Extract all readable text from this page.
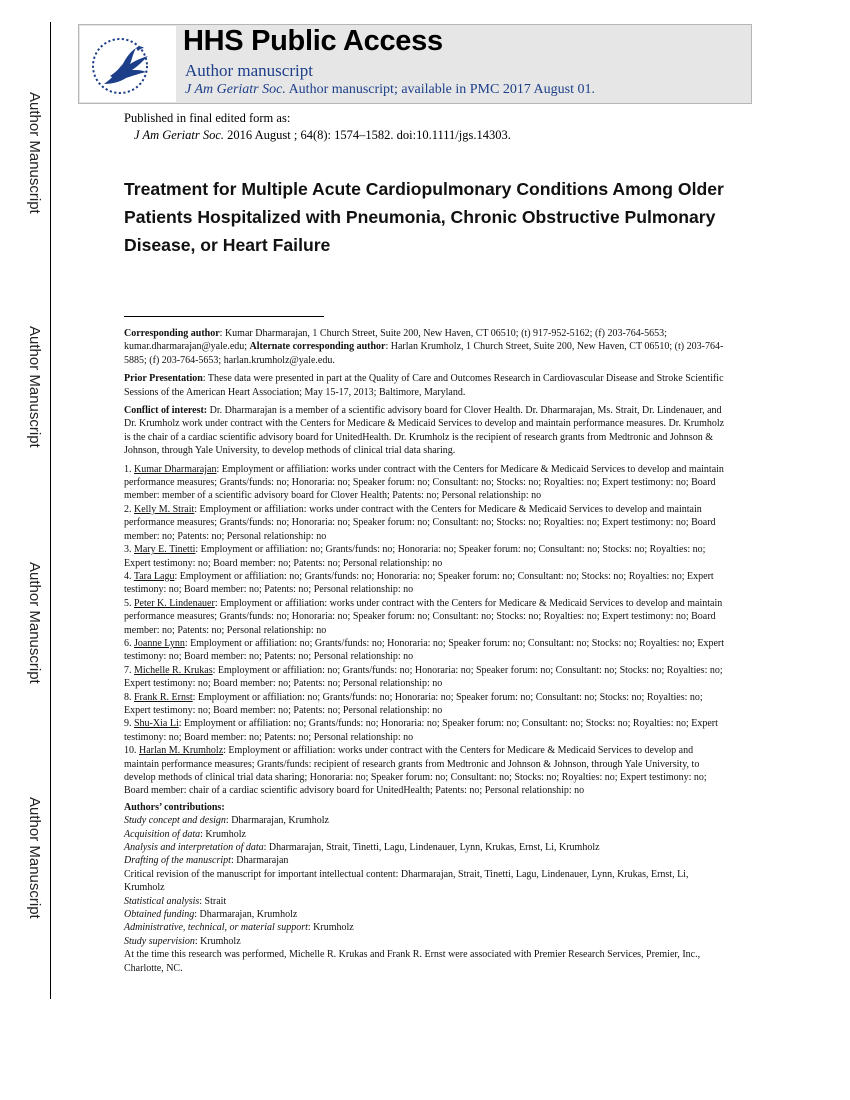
Author Manuscript
Author Manuscript
Author Manuscript
Author Manuscript
HHS Public Access
Author manuscript
J Am Geriatr Soc. Author manuscript; available in PMC 2017 August 01.
Published in final edited form as:
J Am Geriatr Soc. 2016 August ; 64(8): 1574–1582. doi:10.1111/jgs.14303.
Treatment for Multiple Acute Cardiopulmonary Conditions Among Older Patients Hospitalized with Pneumonia, Chronic Obstructive Pulmonary Disease, or Heart Failure

Corresponding author: Kumar Dharmarajan, 1 Church Street, Suite 200, New Haven, CT 06510; (t) 917-952-5162; (f) 203-764-5653; kumar.dharmarajan@yale.edu; Alternate corresponding author: Harlan Krumholz, 1 Church Street, Suite 200, New Haven, CT 06510; (t) 203-764-5885; (f) 203-764-5653; harlan.krumholz@yale.edu.

Prior Presentation: These data were presented in part at the Quality of Care and Outcomes Research in Cardiovascular Disease and Stroke Scientific Sessions of the American Heart Association; May 15-17, 2013; Baltimore, Maryland.

Conflict of interest: Dr. Dharmarajan is a member of a scientific advisory board for Clover Health. Dr. Dharmarajan, Ms. Strait, Dr. Lindenauer, and Dr. Krumholz work under contract with the Centers for Medicare & Medicaid Services to develop and maintain performance measures. Dr. Krumholz is the chair of a cardiac scientific advisory board for UnitedHealth. Dr. Krumholz is the recipient of research grants from Medtronic and Johnson & Johnson, through Yale University, to develop methods of clinical trial data sharing.

1. Kumar Dharmarajan: Employment or affiliation: works under contract with the Centers for Medicare & Medicaid Services to develop and maintain performance measures; Grants/funds: no; Honoraria: no; Speaker forum: no; Consultant: no; Stocks: no; Royalties: no; Expert testimony: no; Board member: member of a scientific advisory board for Clover Health; Patents: no; Personal relationship: no

2. Kelly M. Strait: Employment or affiliation: works under contract with the Centers for Medicare & Medicaid Services to develop and maintain performance measures; Grants/funds: no; Honoraria: no; Speaker forum: no; Consultant: no; Stocks: no; Royalties: no; Expert testimony: no; Board member: no; Patents: no; Personal relationship: no

3. Mary E. Tinetti: Employment or affiliation: no; Grants/funds: no; Honoraria: no; Speaker forum: no; Consultant: no; Stocks: no; Royalties: no; Expert testimony: no; Board member: no; Patents: no; Personal relationship: no

4. Tara Lagu: Employment or affiliation: no; Grants/funds: no; Honoraria: no; Speaker forum: no; Consultant: no; Stocks: no; Royalties: no; Expert testimony: no; Board member: no; Patents: no; Personal relationship: no

5. Peter K. Lindenauer: Employment or affiliation: works under contract with the Centers for Medicare & Medicaid Services to develop and maintain performance measures; Grants/funds: no; Honoraria: no; Speaker forum: no; Consultant: no; Stocks: no; Royalties: no; Expert testimony: no; Board member: no; Patents: no; Personal relationship: no

6. Joanne Lynn: Employment or affiliation: no; Grants/funds: no; Honoraria: no; Speaker forum: no; Consultant: no; Stocks: no; Royalties: no; Expert testimony: no; Board member: no; Patents: no; Personal relationship: no

7. Michelle R. Krukas: Employment or affiliation: no; Grants/funds: no; Honoraria: no; Speaker forum: no; Consultant: no; Stocks: no; Royalties: no; Expert testimony: no; Board member: no; Patents: no; Personal relationship: no

8. Frank R. Ernst: Employment or affiliation: no; Grants/funds: no; Honoraria: no; Speaker forum: no; Consultant: no; Stocks: no; Royalties: no; Expert testimony: no; Board member: no; Patents: no; Personal relationship: no

9. Shu-Xia Li: Employment or affiliation: no; Grants/funds: no; Honoraria: no; Speaker forum: no; Consultant: no; Stocks: no; Royalties: no; Expert testimony: no; Board member: no; Patents: no; Personal relationship: no

10. Harlan M. Krumholz: Employment or affiliation: works under contract with the Centers for Medicare & Medicaid Services to develop and maintain performance measures; Grants/funds: recipient of research grants from Medtronic and Johnson & Johnson, through Yale University, to develop methods of clinical trial data sharing; Honoraria: no; Speaker forum: no; Consultant: no; Stocks: no; Royalties: no; Expert testimony: no; Board member: chair of a cardiac scientific advisory board for UnitedHealth; Patents: no; Personal relationship: no

Authors’ contributions:
Study concept and design: Dharmarajan, Krumholz
Acquisition of data: Krumholz
Analysis and interpretation of data: Dharmarajan, Strait, Tinetti, Lagu, Lindenauer, Lynn, Krukas, Ernst, Li, Krumholz
Drafting of the manuscript: Dharmarajan
Critical revision of the manuscript for important intellectual content: Dharmarajan, Strait, Tinetti, Lagu, Lindenauer, Lynn, Krukas, Ernst, Li, Krumholz
Statistical analysis: Strait
Obtained funding: Dharmarajan, Krumholz
Administrative, technical, or material support: Krumholz
Study supervision: Krumholz

At the time this research was performed, Michelle R. Krukas and Frank R. Ernst were associated with Premier Research Services, Premier, Inc., Charlotte, NC.
